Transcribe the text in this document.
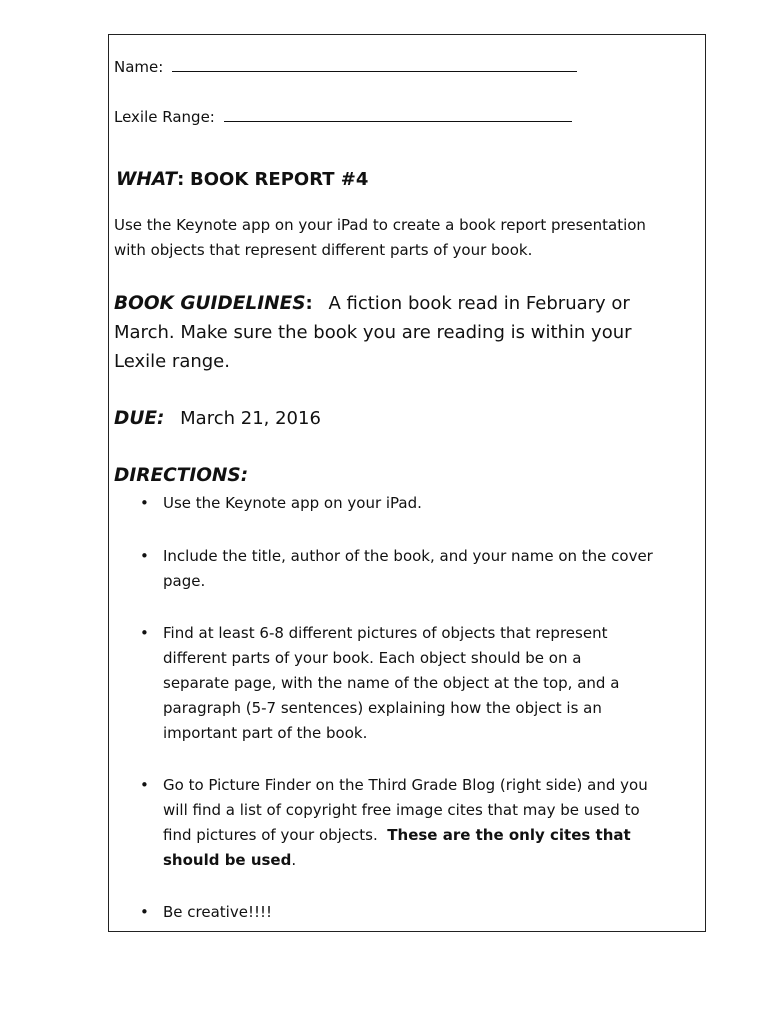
Name:
Lexile Range:
WHAT: BOOK REPORT #4
Use the Keynote app on your iPad to create a book report presentation
with objects that represent different parts of your book.
BOOK GUIDELINES: A fiction book read in February or
March. Make sure the book you are reading is within your
Lexile range.
DUE: March 21, 2016
DIRECTIONS:
• Use the Keynote app on your iPad.
• Include the title, author of the book, and your name on the cover
page.
• Find at least 6-8 different pictures of objects that represent
different parts of your book. Each object should be on a
separate page, with the name of the object at the top, and a
paragraph (5-7 sentences) explaining how the object is an
important part of the book.
• Go to Picture Finder on the Third Grade Blog (right side) and you
will find a list of copyright free image cites that may be used to
find pictures of your objects.  These are the only cites that
should be used.
• Be creative!!!!
